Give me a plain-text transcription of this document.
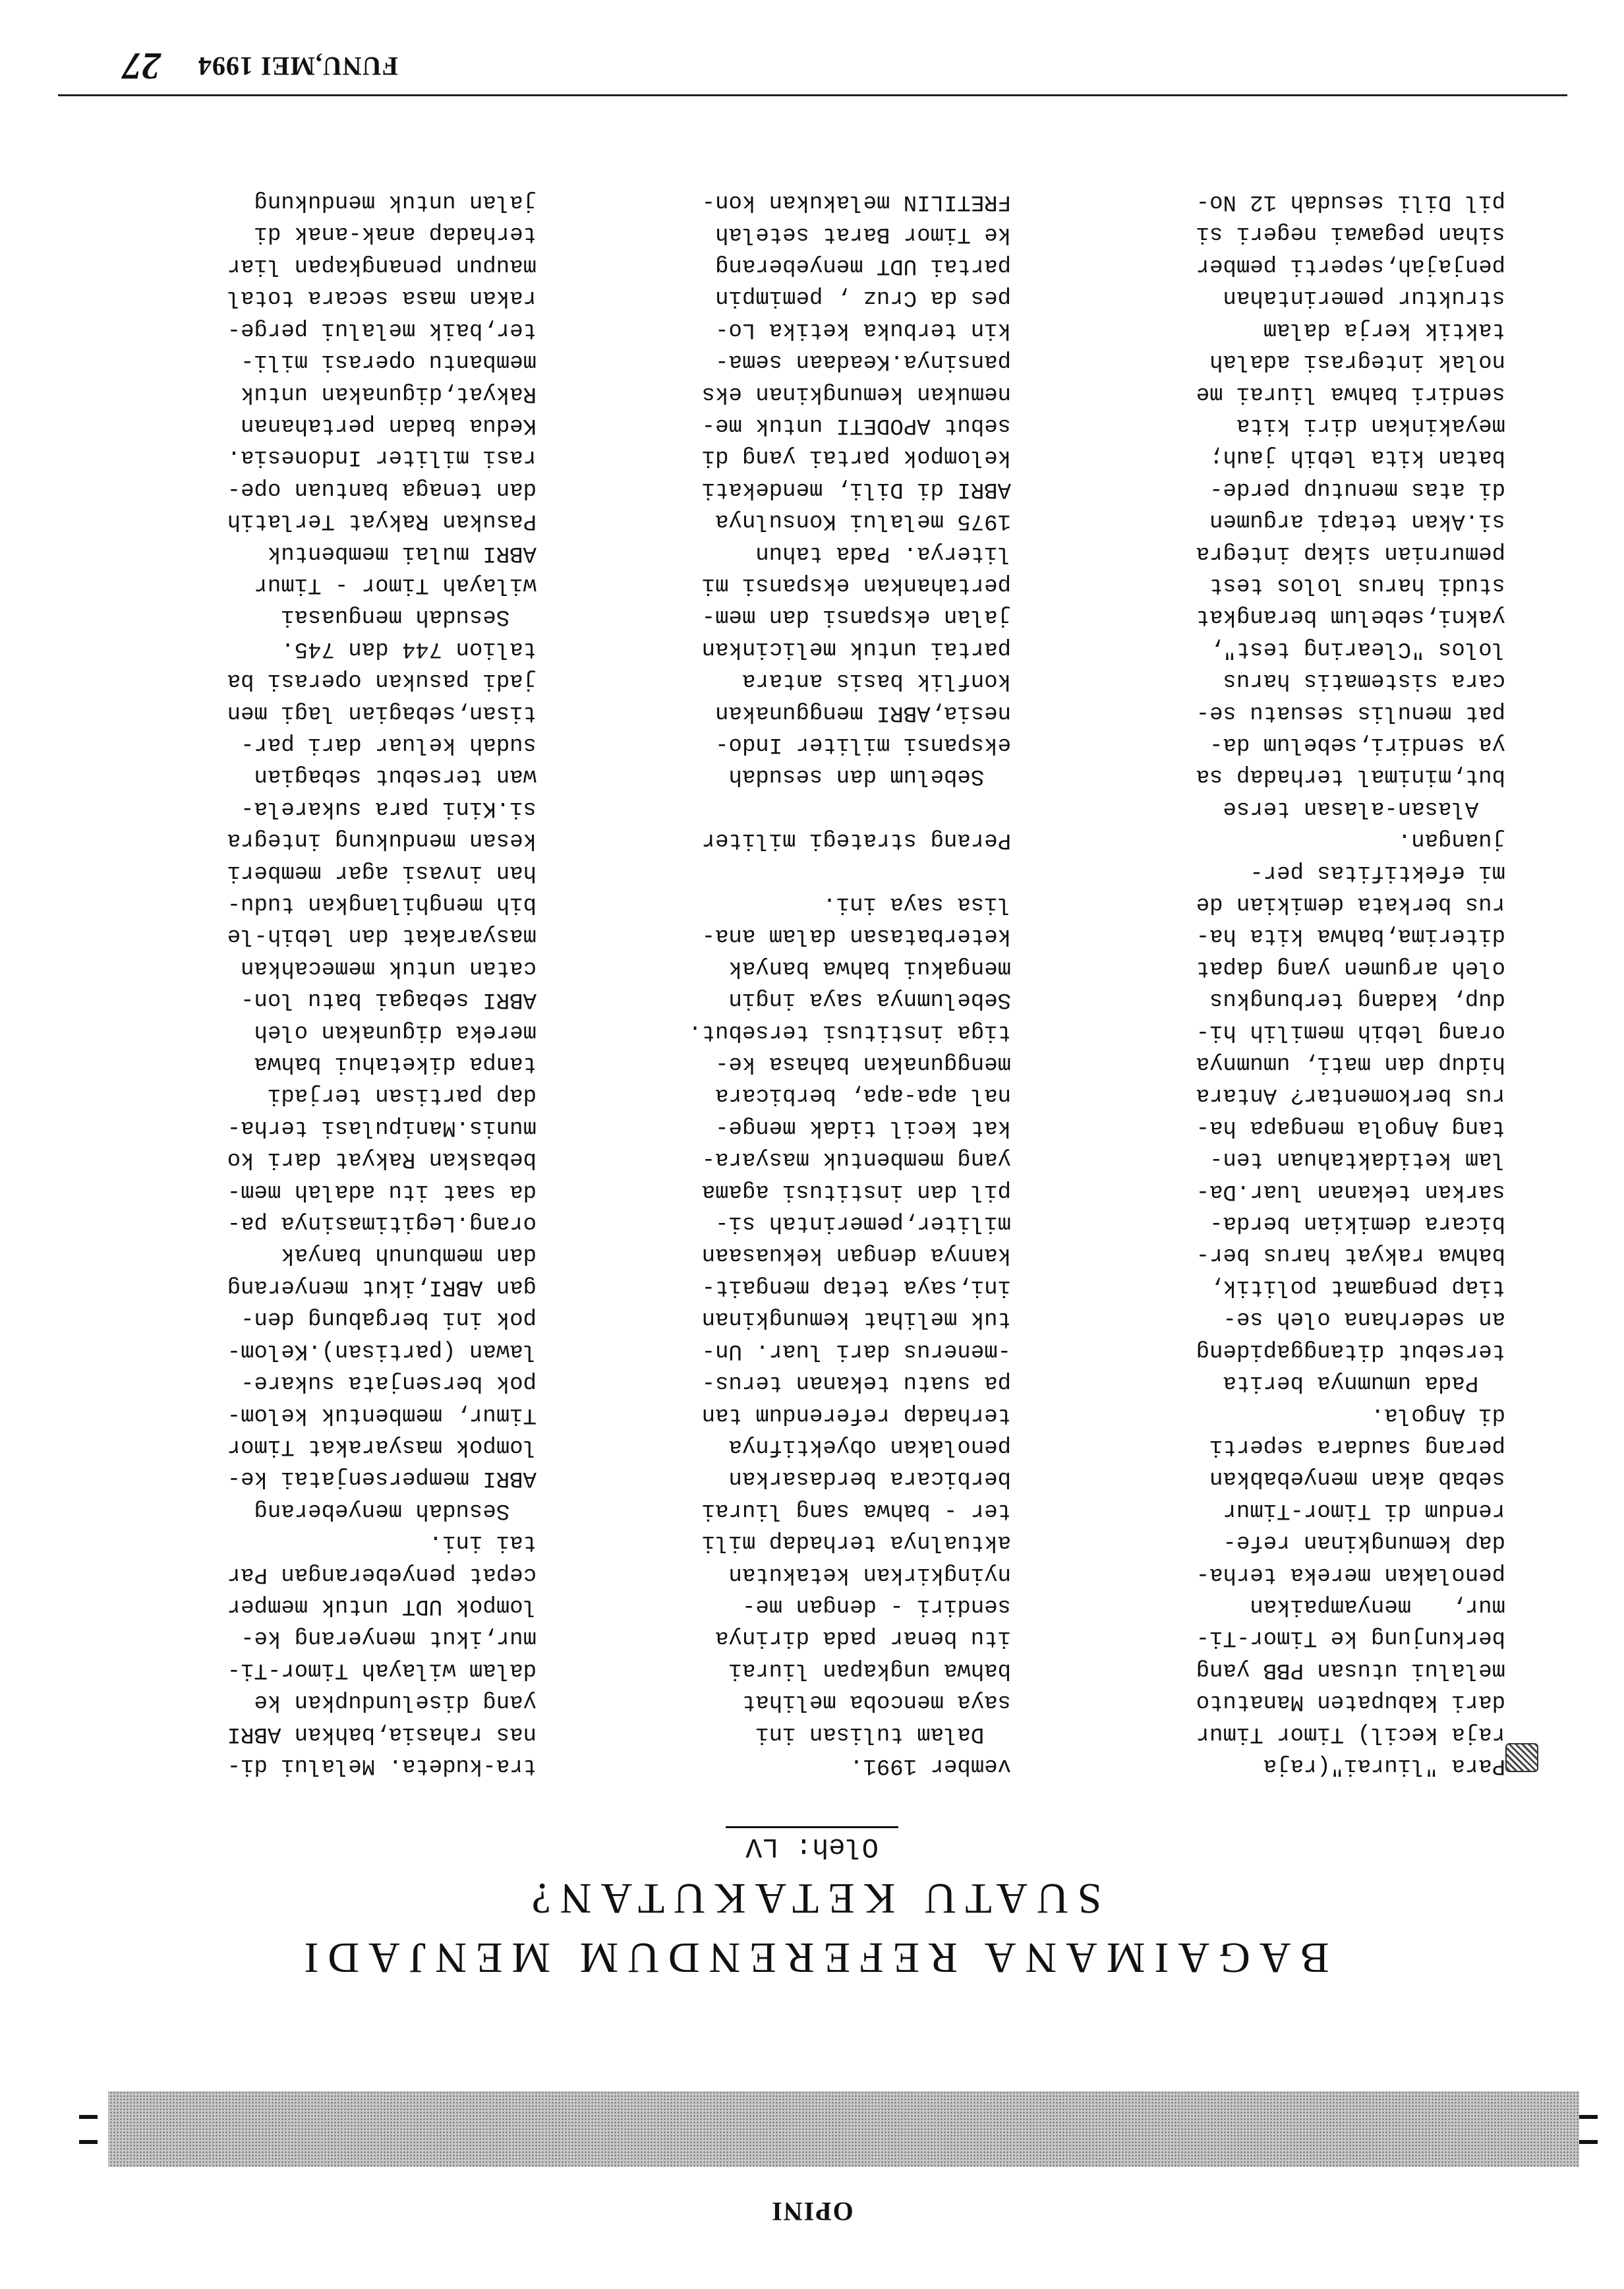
OPINI
BAGAIMANA REFERENDUM MENJADI
SUATU KETAKUTAN?
Oleh: LV
Para "liurai"(raja
raja kecil) Timor Timur
dari kabupaten Manatuto
melalui utusan PBB yang
berkunjung ke Timor-Ti-
mur,   menyampaikan
penolakan mereka terha-
dap kemungkinan refe-
rendum di Timor-Timur
sebab akan menyebabkan
perang saudara seperti
di Angola.
Pada umumnya berita
tersebut ditanggapideng
an sederhana oleh se-
tiap pengamat politik,
bahwa rakyat harus ber-
bicara demikian berda-
sarkan tekanan luar.Da-
lam ketidaktahuan ten-
tang Angola mengapa ha-
rus berkomentar? Antara
hidup dan mati, umumnya
orang lebih memilih hi-
dup, kadang terbungkus
oleh argumen yang dapat
diterima,bahwa kita ha-
rus berkata demikian de
mi efektifitas per-
juangan.
Alasan-alasan terse
but,minimal terhadap sa
ya sendiri,sebelum da-
pat menulis sesuatu se-
cara sistematis harus
lolos "Clearing test",
yakni,sebelum berangkat
studi harus lolos test
pemurnian sikap integra
si.Akan tetapi argumen
di atas menutup perde-
batan kita lebih jauh;
meyakinkan diri kita
sendiri bahwa liurai me
nolak integrasi adalah
taktik kerja dalam
struktur pemerintahan
penjajah,seperti pember
sihan pegawai negeri si
pil Dili sesudah 12 No-
vember 1991.
Dalam tulisan ini
saya mencoba melihat
bahwa ungkapan liurai
itu benar pada dirinya
sendiri - dengan me-
nyingkirkan ketakutan
aktualnya terhadap mili
ter - bahwa sang liurai
berbicara berdasarkan
penolakan obyektifnya
terhadap referendum tan
pa suatu tekanan terus-
-menerus dari luar. Un-
tuk melihat kemungkinan
ini,saya tetap mengait-
kannya dengan kekuasaan
militer,pemerintah si-
pil dan institusi agama
yang membentuk masyara-
kat kecil tidak menge-
nal apa-apa, berbicara
menggunakan bahasa ke-
tiga institusi tersebut.
Sebelumnya saya ingin
mengakui bahwa banyak
keterbatasan dalam ana-
lisa saya ini.
Perang strategi militer
Sebelum dan sesudah
ekspansi militer Indo-
nesia,ABRI menggunakan
konflik basis antara
partai untuk melicinkan
jalan ekspansi dan mem-
pertahankan ekspansi mi
literya. Pada tahun
1975 melalui Konsulnya
ABRI di Dili, mendekati
kelompok partai yang di
sebut APODETI untuk me-
nemukan kemungkinan eks
pansinya.Keadaan sema-
kin terbuka ketika Lo-
pes da Cruz , pemimpin
partai UDT menyeberang
ke Timor Barat setelah
FRETILIN melakukan kon-
tra-kudeta. Melalui di-
nas rahasia,bahkan ABRI
yang diselundupkan ke
dalam wilayah Timor-Ti-
mur,ikut menyerang ke-
lompok UDT untuk memper
cepat penyeberangan Par
tai ini.
Sesudah menyeberang
ABRI mempersenjatai ke-
lompok masyarakat Timor
Timur, membentuk kelom-
pok bersenjata sukare-
lawan (partisan).Kelom-
pok ini bergabung den-
gan ABRI,ikut menyerang
dan membunuh banyak
orang.Legitimasinya pa-
da saat itu adalah mem-
bebaskan Rakyat dari ko
munis.Manipulasi terha-
dap partisan terjadi
tanpa diketahui bahwa
mereka digunakan oleh
ABRI sebagai batu lon-
catan untuk memecahkan
masyarakat dan lebih-le
bih menghilangkan tudu-
han invasi agar memberi
kesan mendukung integra
si.Kini para sukarela-
wan tersebut sebagian
sudah keluar dari par-
tisan,sebagian lagi men
jadi pasukan operasi ba
talion 744 dan 745.
Sesudah menguasai
wilayah Timor - Timur
ABRI mulai membentuk
Pasukan Rakyat Terlatih
dan tenaga bantuan ope-
rasi militer Indonesia.
Kedua badan pertahanan
Rakyat,digunakan untuk
membantu operasi mili-
ter,baik melalui perge-
rakan masa secara total
maupun penangkapan liar
terhadap anak-anak di
jalan untuk mendukung
FUNU,MEI 1994
27
